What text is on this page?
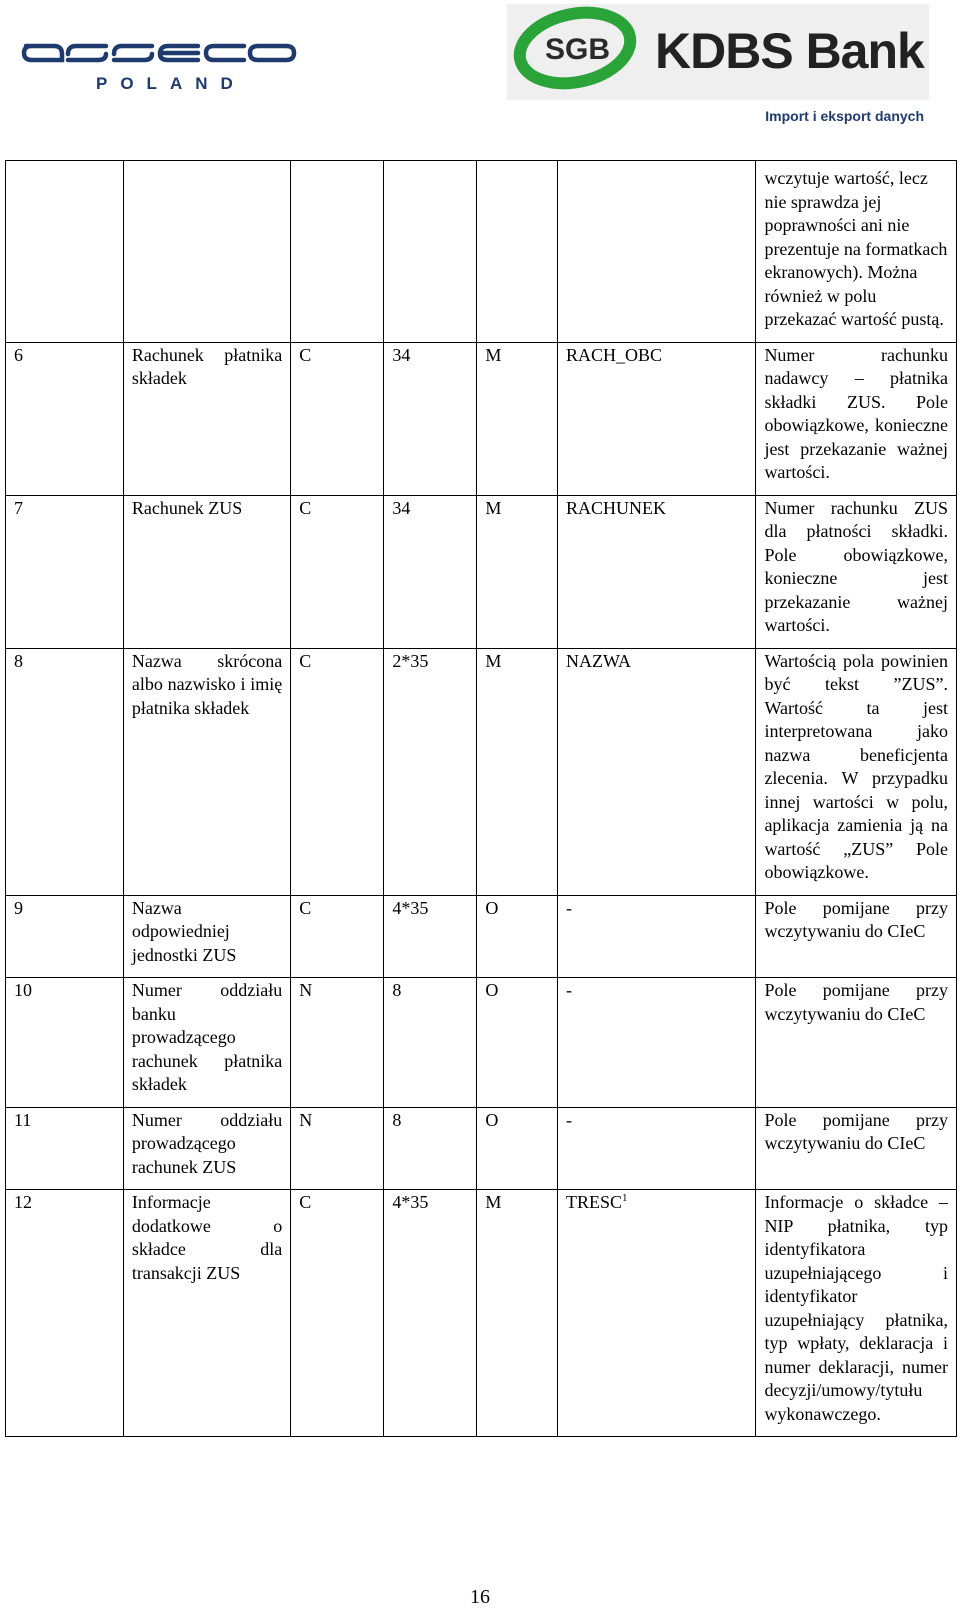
POLAND
SGB KDBS Bank
Import i eksport danych
						wczytuje wartość, lecz nie sprawdza jej poprawności ani nie prezentuje na formatkach ekranowych). Można również w polu przekazać wartość pustą.
6	Rachunek płatnika składek	C	34	M	RACH_OBC	Numer rachunku nadawcy – płatnika składki ZUS. Pole obowiązkowe, konieczne jest przekazanie ważnej wartości.
7	Rachunek ZUS	C	34	M	RACHUNEK	Numer rachunku ZUS dla płatności składki. Pole obowiązkowe, konieczne jest przekazanie ważnej wartości.
8	Nazwa skrócona albo nazwisko i imię płatnika składek	C	2*35	M	NAZWA	Wartością pola powinien być tekst ”ZUS”. Wartość ta jest interpretowana jako nazwa beneficjenta zlecenia. W przypadku innej wartości w polu, aplikacja zamienia ją na wartość „ZUS” Pole obowiązkowe.
9	Nazwa odpowiedniej jednostki ZUS	C	4*35	O	-	Pole pomijane przy wczytywaniu do CIeC
10	Numer oddziału banku prowadzącego rachunek płatnika składek	N	8	O	-	Pole pomijane przy wczytywaniu do CIeC
11	Numer oddziału prowadzącego rachunek ZUS	N	8	O	-	Pole pomijane przy wczytywaniu do CIeC
12	Informacje dodatkowe o składce dla transakcji ZUS	C	4*35	M	TRESC$^1$	Informacje o składce – NIP płatnika, typ identyfikatora uzupełniającego i identyfikator uzupełniający płatnika, typ wpłaty, deklaracja i numer deklaracji, numer decyzji/umowy/tytułu wykonawczego.
16
